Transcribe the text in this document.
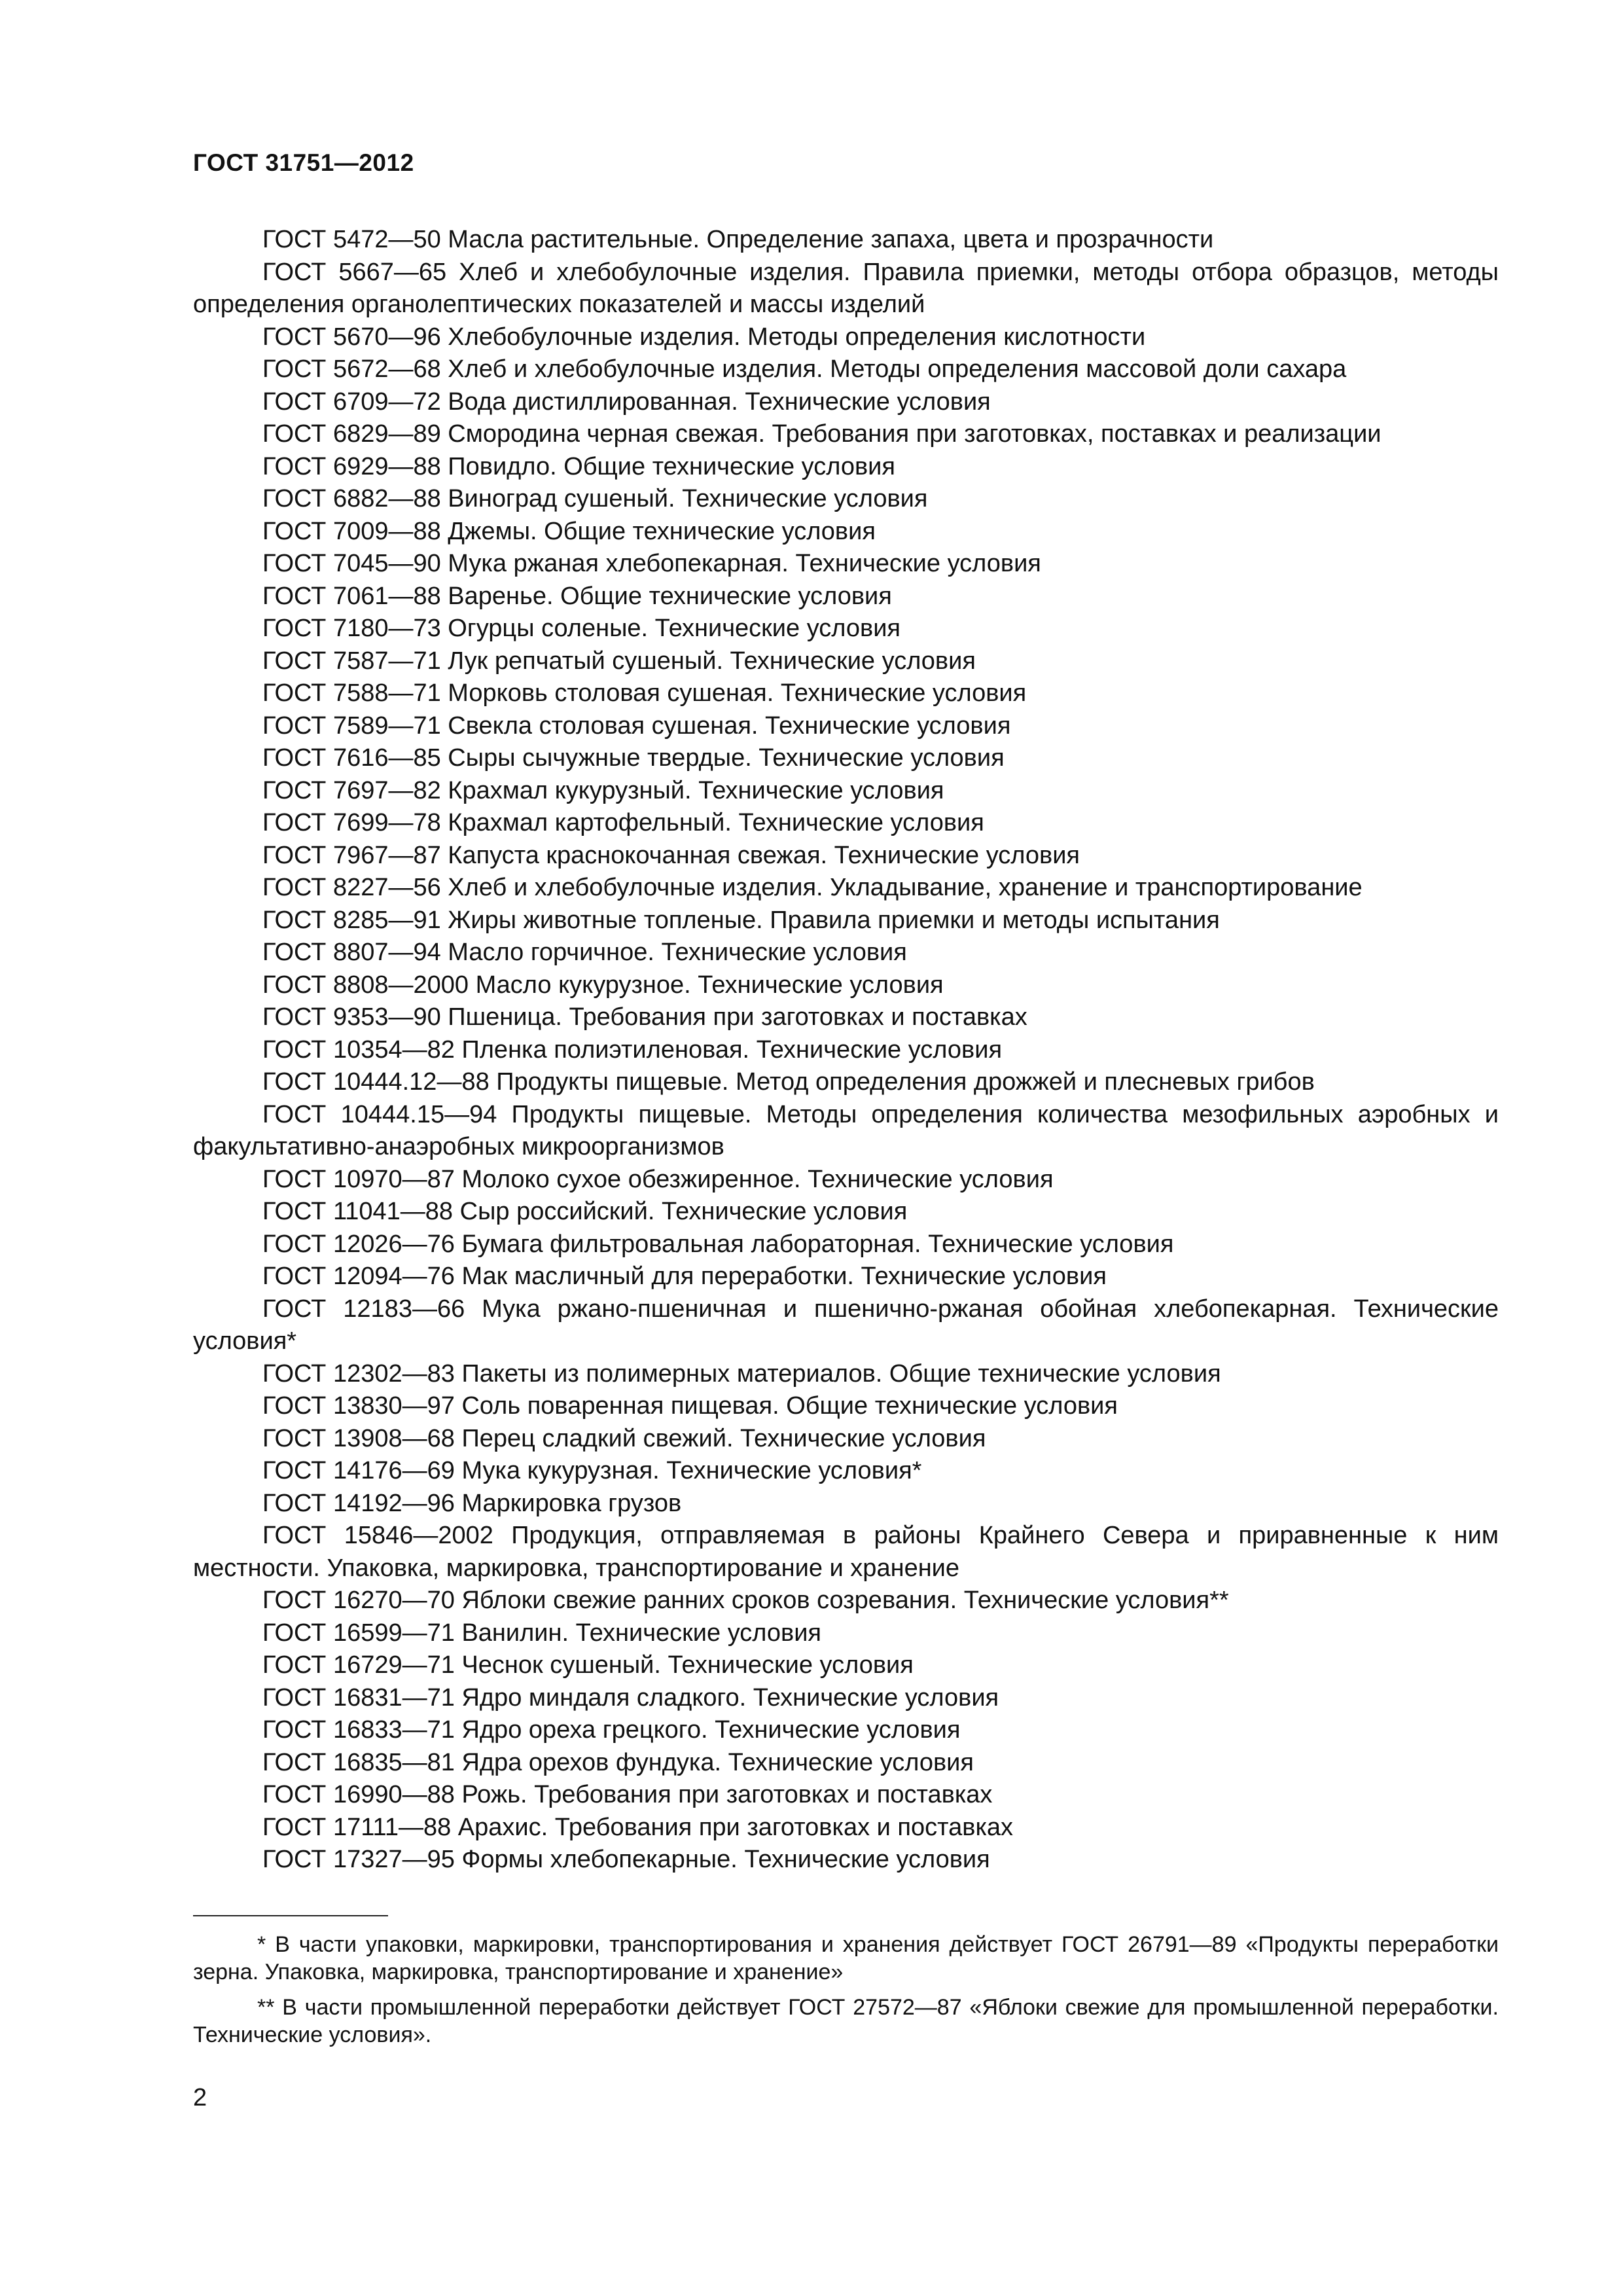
ГОСТ 31751—2012

ГОСТ 5472—50 Масла растительные. Определение запаха, цвета и прозрачности

ГОСТ 5667—65 Хлеб и хлебобулочные изделия. Правила приемки, методы отбора образцов, методы определения органолептических показателей и массы изделий

ГОСТ 5670—96 Хлебобулочные изделия. Методы определения кислотности

ГОСТ 5672—68 Хлеб и хлебобулочные изделия. Методы определения массовой доли сахара

ГОСТ 6709—72 Вода дистиллированная. Технические условия

ГОСТ 6829—89 Смородина черная свежая. Требования при заготовках, поставках и реализации

ГОСТ 6929—88 Повидло. Общие технические условия

ГОСТ 6882—88 Виноград сушеный. Технические условия

ГОСТ 7009—88 Джемы. Общие технические условия

ГОСТ 7045—90 Мука ржаная хлебопекарная. Технические условия

ГОСТ 7061—88 Варенье. Общие технические условия

ГОСТ 7180—73 Огурцы соленые. Технические условия

ГОСТ 7587—71 Лук репчатый сушеный. Технические условия

ГОСТ 7588—71 Морковь столовая сушеная. Технические условия

ГОСТ 7589—71 Свекла столовая сушеная. Технические условия

ГОСТ 7616—85 Сыры сычужные твердые. Технические условия

ГОСТ 7697—82 Крахмал кукурузный. Технические условия

ГОСТ 7699—78 Крахмал картофельный. Технические условия

ГОСТ 7967—87 Капуста краснокочанная свежая. Технические условия

ГОСТ 8227—56 Хлеб и хлебобулочные изделия. Укладывание, хранение и транспортирование

ГОСТ 8285—91 Жиры животные топленые. Правила приемки и методы испытания

ГОСТ 8807—94 Масло горчичное. Технические условия

ГОСТ 8808—2000 Масло кукурузное. Технические условия

ГОСТ 9353—90 Пшеница. Требования при заготовках и поставках

ГОСТ 10354—82 Пленка полиэтиленовая. Технические условия

ГОСТ 10444.12—88 Продукты пищевые. Метод определения дрожжей и плесневых грибов

ГОСТ 10444.15—94 Продукты пищевые. Методы определения количества мезофильных аэробных и факультативно-анаэробных микроорганизмов

ГОСТ 10970—87 Молоко сухое обезжиренное. Технические условия

ГОСТ 11041—88 Сыр российский. Технические условия

ГОСТ 12026—76 Бумага фильтровальная лабораторная. Технические условия

ГОСТ 12094—76 Мак масличный для переработки. Технические условия

ГОСТ 12183—66 Мука ржано-пшеничная и пшенично-ржаная обойная хлебопекарная. Технические условия*

ГОСТ 12302—83 Пакеты из полимерных материалов. Общие технические условия

ГОСТ 13830—97 Соль поваренная пищевая. Общие технические условия

ГОСТ 13908—68 Перец сладкий свежий. Технические условия

ГОСТ 14176—69 Мука кукурузная. Технические условия*

ГОСТ 14192—96 Маркировка грузов

ГОСТ 15846—2002 Продукция, отправляемая в районы Крайнего Севера и приравненные к ним местности. Упаковка, маркировка, транспортирование и хранение

ГОСТ 16270—70 Яблоки свежие ранних сроков созревания. Технические условия**

ГОСТ 16599—71 Ванилин. Технические условия

ГОСТ 16729—71 Чеснок сушеный. Технические условия

ГОСТ 16831—71 Ядро миндаля сладкого. Технические условия

ГОСТ 16833—71 Ядро ореха грецкого. Технические условия

ГОСТ 16835—81 Ядра орехов фундука. Технические условия

ГОСТ 16990—88 Рожь. Требования при заготовках и поставках

ГОСТ 17111—88 Арахис. Требования при заготовках и поставках

ГОСТ 17327—95 Формы хлебопекарные. Технические условия

* В части упаковки, маркировки, транспортирования и хранения действует ГОСТ 26791—89 «Продукты переработки зерна. Упаковка, маркировка, транспортирование и хранение»

** В части промышленной переработки действует ГОСТ 27572—87 «Яблоки свежие для промышленной переработки. Технические условия».

2
